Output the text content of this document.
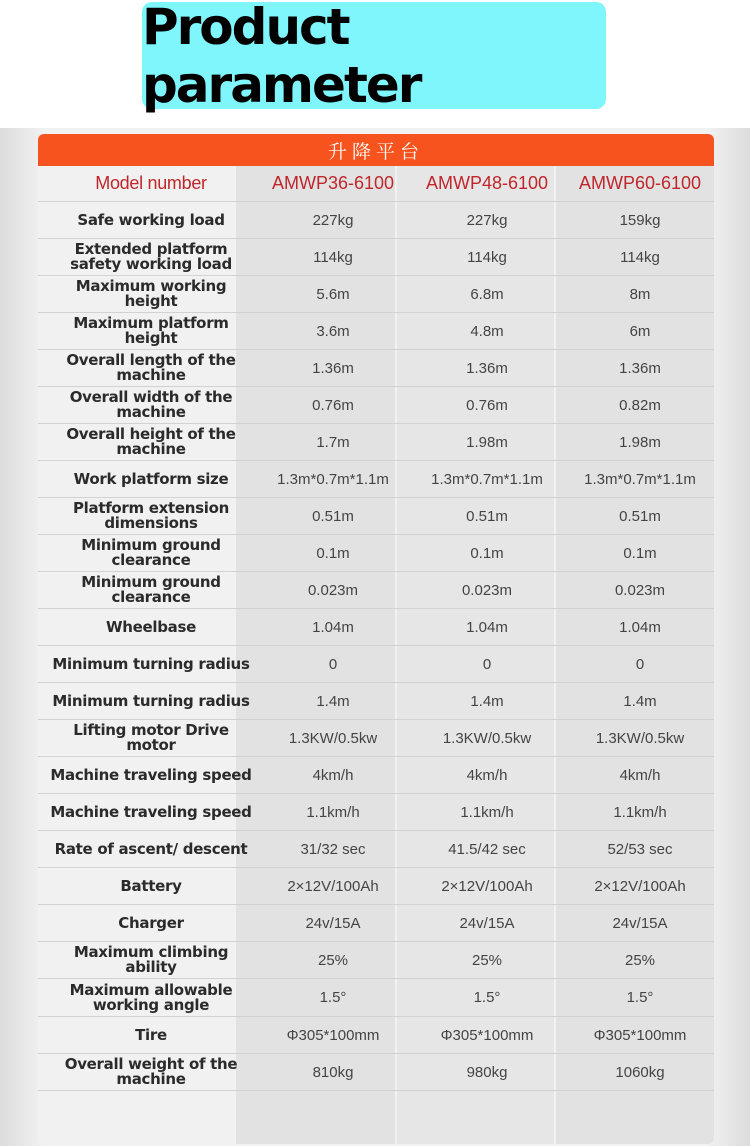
Product parameter
升降平台
Model number	AMWP36-6100	AMWP48-6100	AMWP60-6100
Safe working load	227kg	227kg	159kg
Extended platform safety working load	114kg	114kg	114kg
Maximum working height	5.6m	6.8m	8m
Maximum platform height	3.6m	4.8m	6m
Overall length of the machine	1.36m	1.36m	1.36m
Overall width of the machine	0.76m	0.76m	0.82m
Overall height of the machine	1.7m	1.98m	1.98m
Work platform size	1.3m*0.7m*1.1m	1.3m*0.7m*1.1m	1.3m*0.7m*1.1m
Platform extension dimensions	0.51m	0.51m	0.51m
Minimum ground clearance	0.1m	0.1m	0.1m
Minimum ground clearance	0.023m	0.023m	0.023m
Wheelbase	1.04m	1.04m	1.04m
Minimum turning radius	0	0	0
Minimum turning radius	1.4m	1.4m	1.4m
Lifting motor Drive motor	1.3KW/0.5kw	1.3KW/0.5kw	1.3KW/0.5kw
Machine traveling speed	4km/h	4km/h	4km/h
Machine traveling speed	1.1km/h	1.1km/h	1.1km/h
Rate of ascent/ descent	31/32 sec	41.5/42 sec	52/53 sec
Battery	2×12V/100Ah	2×12V/100Ah	2×12V/100Ah
Charger	24v/15A	24v/15A	24v/15A
Maximum climbing ability	25%	25%	25%
Maximum allowable working angle	1.5°	1.5°	1.5°
Tire	Φ305*100mm	Φ305*100mm	Φ305*100mm
Overall weight of the machine	810kg	980kg	1060kg
